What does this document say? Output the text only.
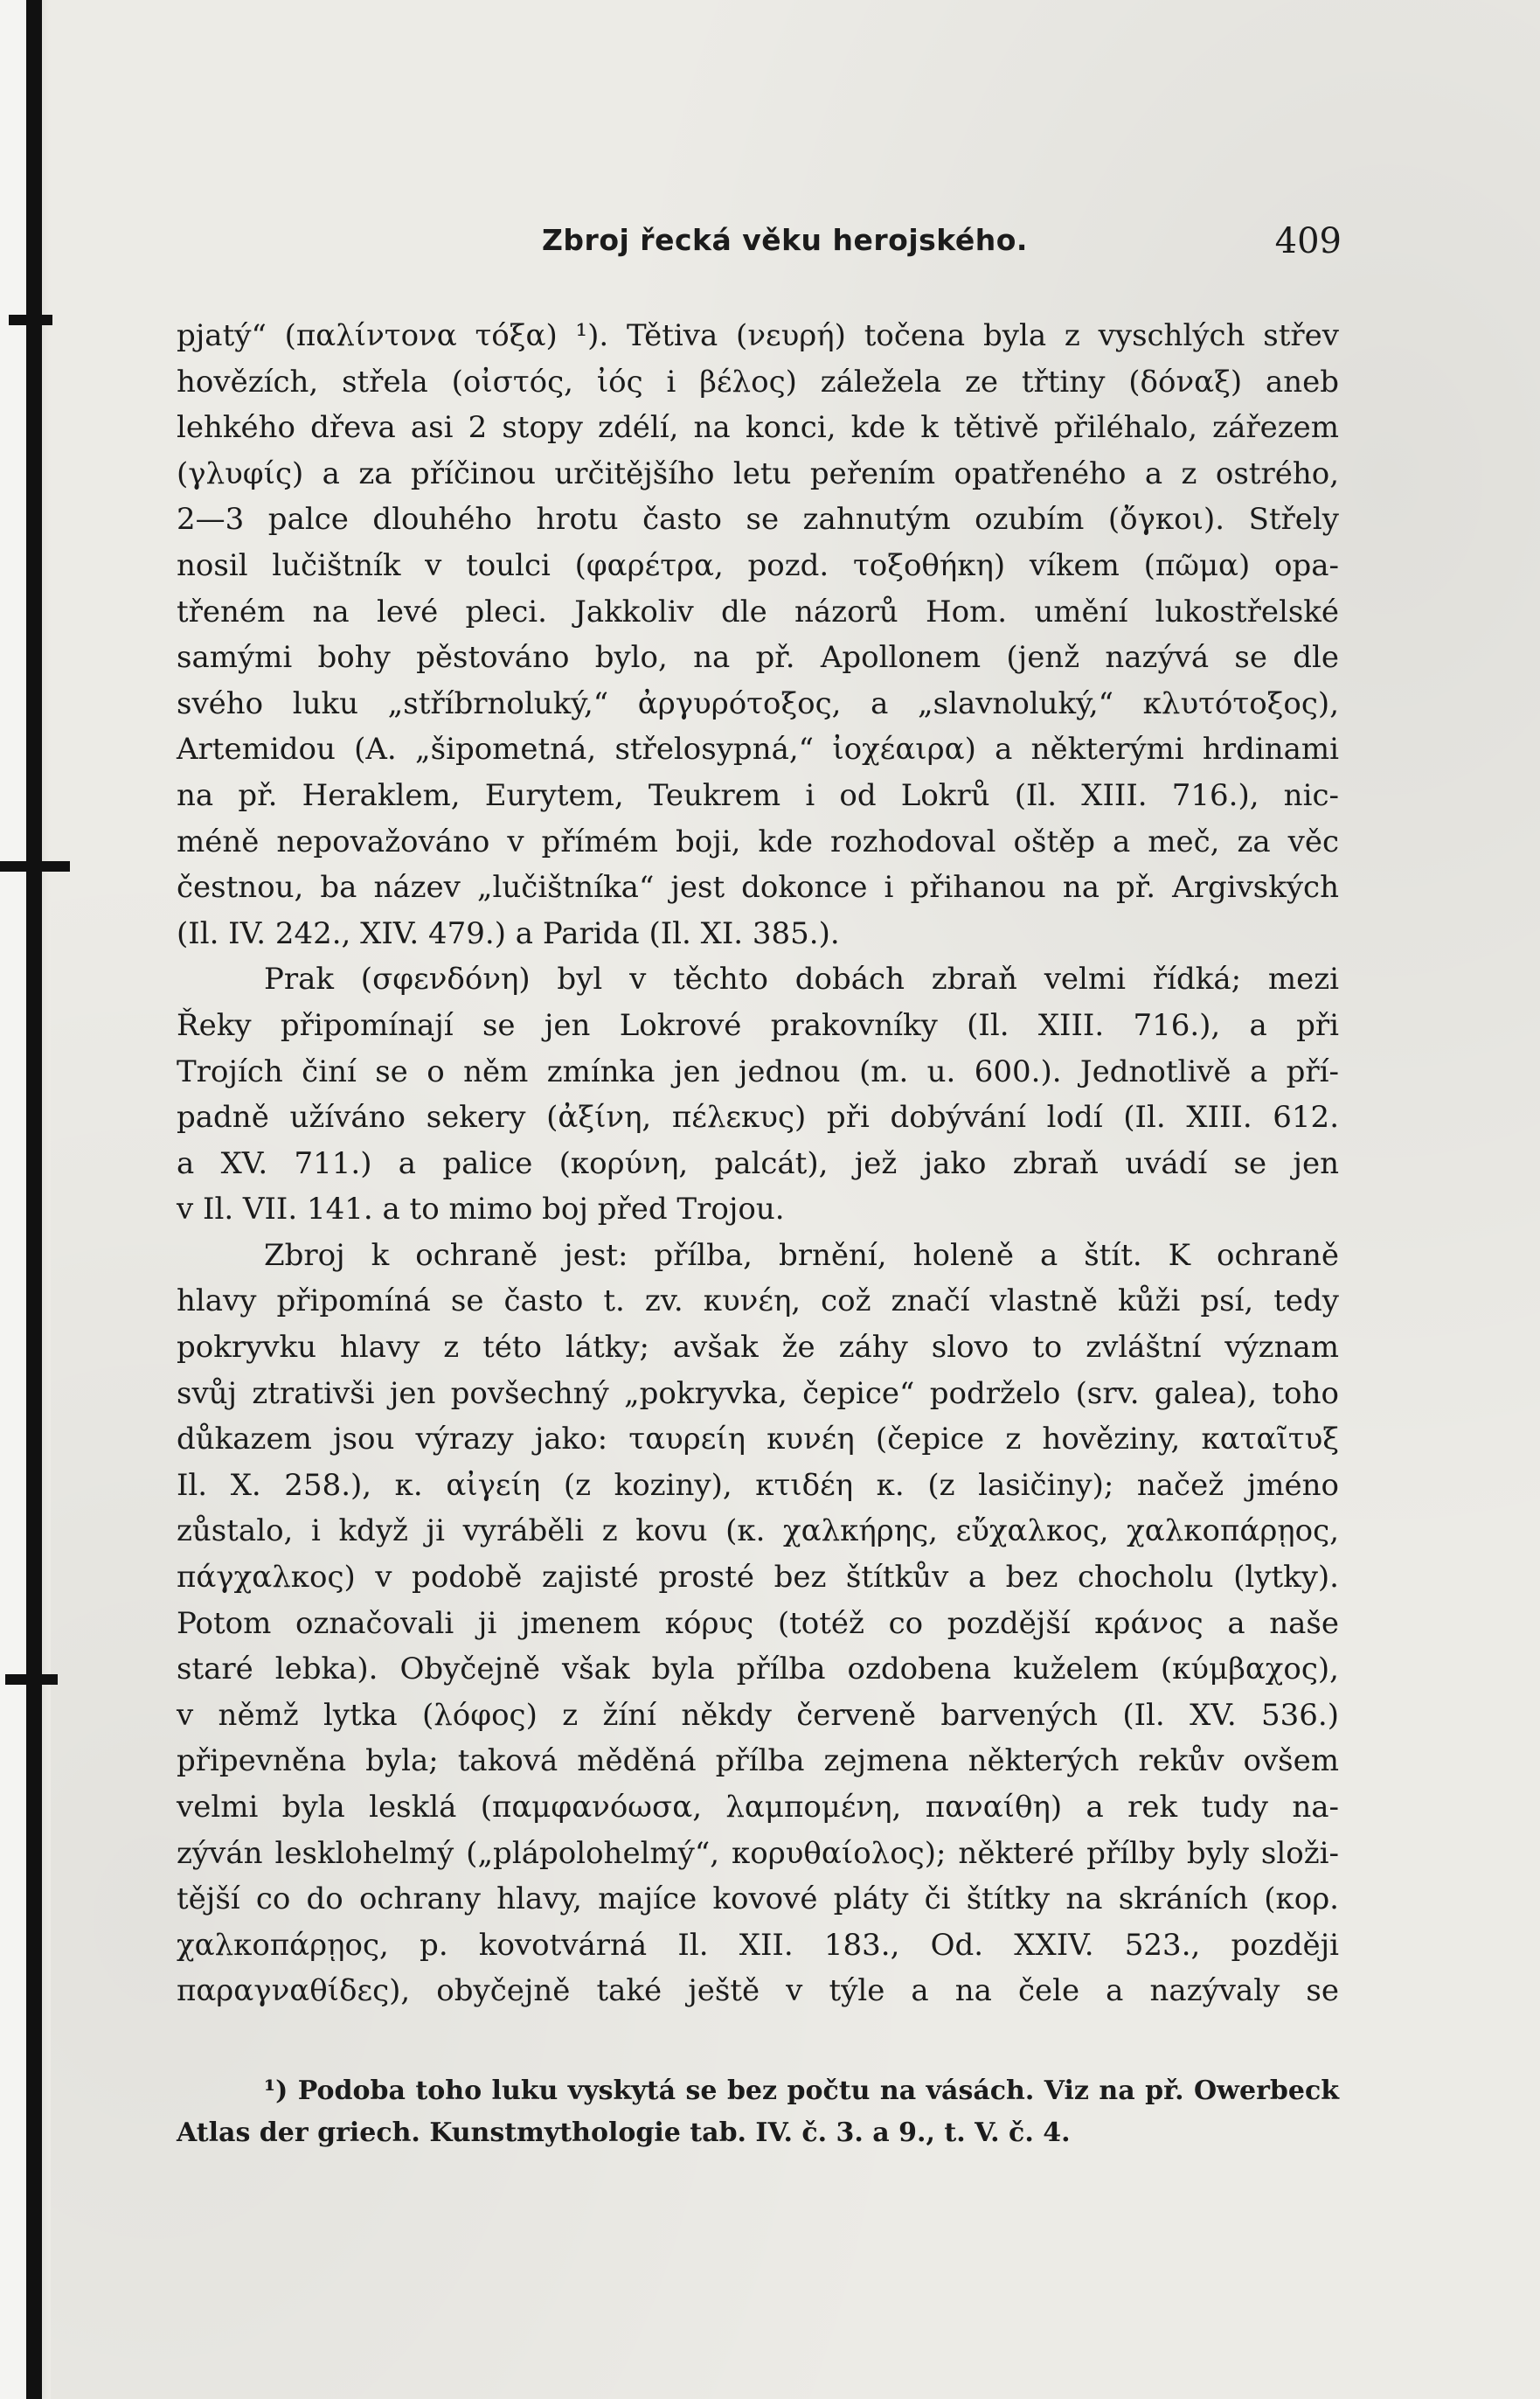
Zbroj řecká věku herojského.	409
pjatý“ (παλίντονα τόξα) ¹). Tětiva (νευρή) točena byla z vyschlých střev
hovězích, střela (οἰστός, ἰός i βέλος) záležela ze třtiny (δόναξ) aneb
lehkého dřeva asi 2 stopy zdélí, na konci, kde k tětivě přiléhalo, zářezem
(γλυφίς) a za příčinou určitějšího letu peřením opatřeného a z ostrého,
2—3 palce dlouhého hrotu často se zahnutým ozubím (ὄγκοι). Střely
nosil lučištník v toulci (φαρέτρα, pozd. τοξοθήκη) víkem (πῶμα) opa-
třeném na levé pleci. Jakkoliv dle názorů Hom. umění lukostřelské
samými bohy pěstováno bylo, na př. Apollonem (jenž nazývá se dle
svého luku „stříbrnoluký,“ ἀργυρότοξος, a „slavnoluký,“ κλυτότοξος),
Artemidou (A. „šipometná, střelosypná,“ ἰοχέαιρα) a některými hrdinami
na př. Heraklem, Eurytem, Teukrem i od Lokrů (Il. XIII. 716.), nic-
méně nepovažováno v přímém boji, kde rozhodoval oštěp a meč, za věc
čestnou, ba název „lučištníka“ jest dokonce i přihanou na př. Argivských
(Il. IV. 242., XIV. 479.) a Parida (Il. XI. 385.).
Prak (σφενδόνη) byl v těchto dobách zbraň velmi řídká; mezi
Řeky připomínají se jen Lokrové prakovníky (Il. XIII. 716.), a při
Trojích činí se o něm zmínka jen jednou (m. u. 600.). Jednotlivě a pří-
padně užíváno sekery (ἀξίνη, πέλεκυς) při dobývání lodí (Il. XIII. 612.
a XV. 711.) a palice (κορύνη, palcát), jež jako zbraň uvádí se jen
v Il. VII. 141. a to mimo boj před Trojou.
Zbroj k ochraně jest: přílba, brnění, holeně a štít. K ochraně
hlavy připomíná se často t. zv. κυνέη, což značí vlastně kůži psí, tedy
pokryvku hlavy z této látky; avšak že záhy slovo to zvláštní význam
svůj ztrativši jen povšechný „pokryvka, čepice“ podrželo (srv. galea), toho
důkazem jsou výrazy jako: ταυρείη κυνέη (čepice z hověziny, καταῖτυξ
Il. X. 258.), κ. αἰγείη (z koziny), κτιδέη κ. (z lasičiny); načež jméno
zůstalo, i když ji vyráběli z kovu (κ. χαλκήρης, εὔχαλκος, χαλκοπάρῃος,
πάγχαλκος) v podobě zajisté prosté bez štítkův a bez chocholu (lytky).
Potom označovali ji jmenem κόρυς (totéž co pozdější κράνος a naše
staré lebka). Obyčejně však byla přílba ozdobena kuželem (κύμβαχος),
v němž lytka (λόφος) z žíní někdy červeně barvených (Il. XV. 536.)
připevněna byla; taková měděná přílba zejmena některých rekův ovšem
velmi byla lesklá (παμφανόωσα, λαμπομένη, παναίθη) a rek tudy na-
zýván lesklohelmý („plápolohelmý“, κορυθαίολος); některé přílby byly složi-
tější co do ochrany hlavy, majíce kovové pláty či štítky na skráních (κορ.
χαλκοπάρῃος, p. kovotvárná Il. XII. 183., Od. XXIV. 523., později
παραγναθίδες), obyčejně také ještě v týle a na čele a nazývaly se
¹) Podoba toho luku vyskytá se bez počtu na vásách. Viz na př. Owerbeck
Atlas der griech. Kunstmythologie tab. IV. č. 3. a 9., t. V. č. 4.
